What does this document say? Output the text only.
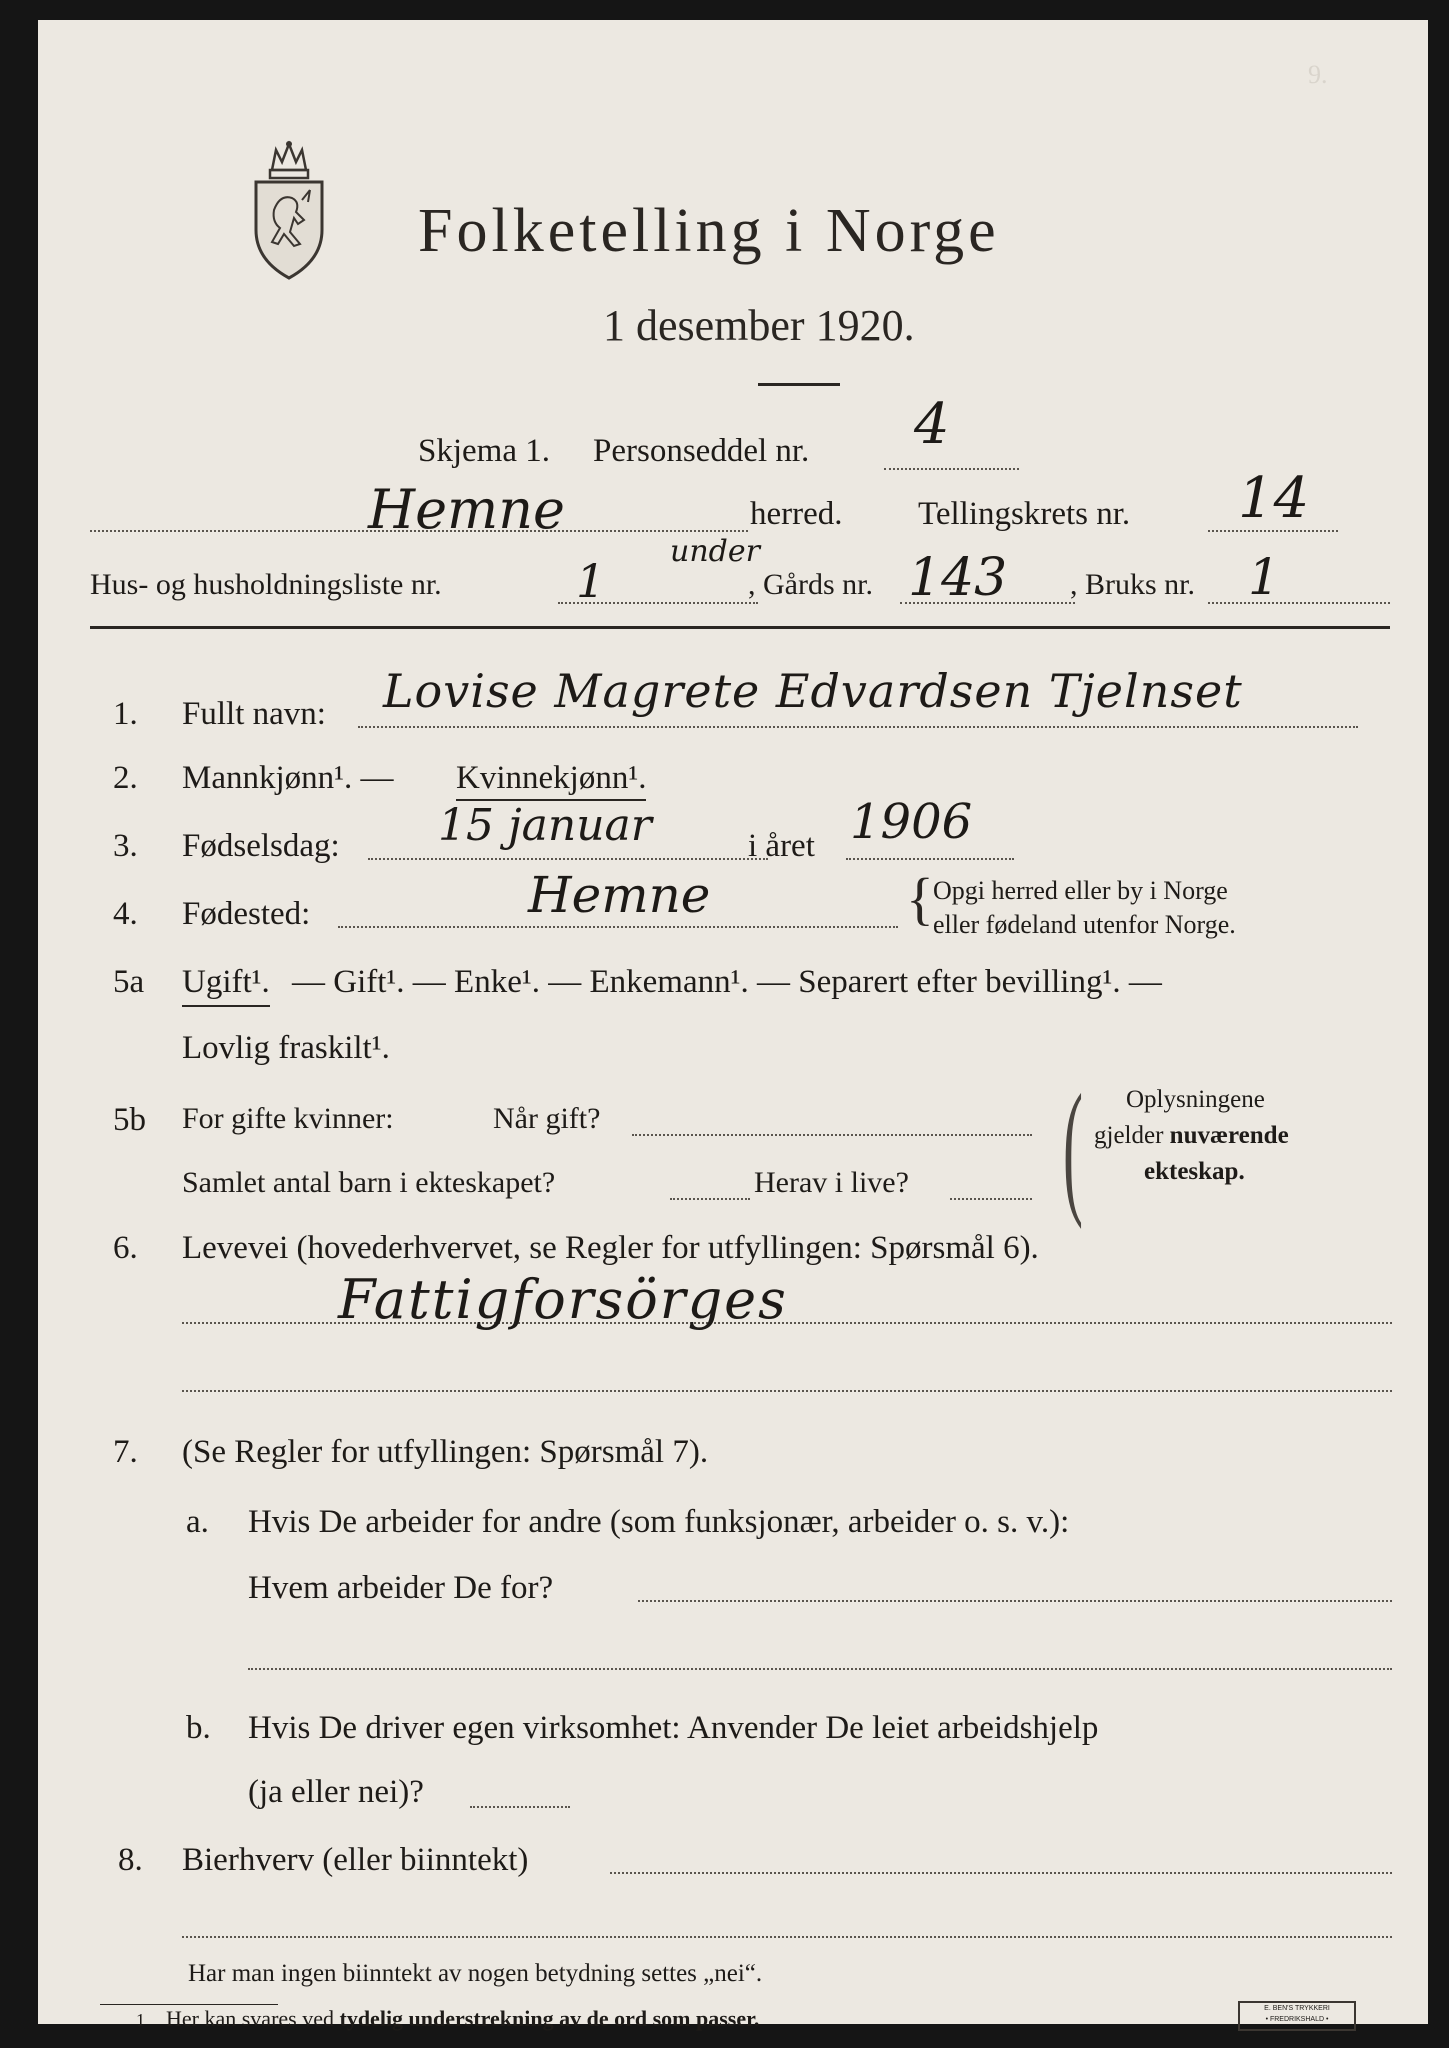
9.
Folketelling i Norge
1 desember 1920.
Skjema 1. Personseddel nr. 4
Hemne	herred. Tellingskrets nr. 14
Hus- og husholdningsliste nr.	1
under
, Gårds nr. 143 , Bruks nr. 1
1. Fullt navn: Lovise Magrete Edvardsen Tjelnset
2. Mannkjønn¹. — Kvinnekjønn¹.
3. Fødselsdag: 15 januar	i året 1906
4. Fødested:	Hemne	{ Opgi herred eller by i Norge
eller fødeland utenfor Norge.
5a Ugift¹. — Gift¹. — Enke¹. — Enkemann¹. — Separert efter bevilling¹. —
Lovlig fraskilt¹.
5b For gifte kvinner:	Når gift?
Samlet antal barn i ekteskapet?	Herav i live? ( Oplysningene
gjelder nuværende
ekteskap.
6. Levevei (hovederhvervet, se Regler for utfyllingen: Spørsmål 6).
Fattigforsörges
7. (Se Regler for utfyllingen: Spørsmål 7).
a. Hvis De arbeider for andre (som funksjonær, arbeider o. s. v.):
Hvem arbeider De for?
b. Hvis De driver egen virksomhet: Anvender De leiet arbeidshjelp
(ja eller nei)?
8. Bierhverv (eller biinntekt)
Har man ingen biinntekt av nogen betydning settes „nei“.
1 Her kan svares ved tydelig understrekning av de ord som passer.	E. BEN'S TRYKKERI
• FREDRIKSHALD •
